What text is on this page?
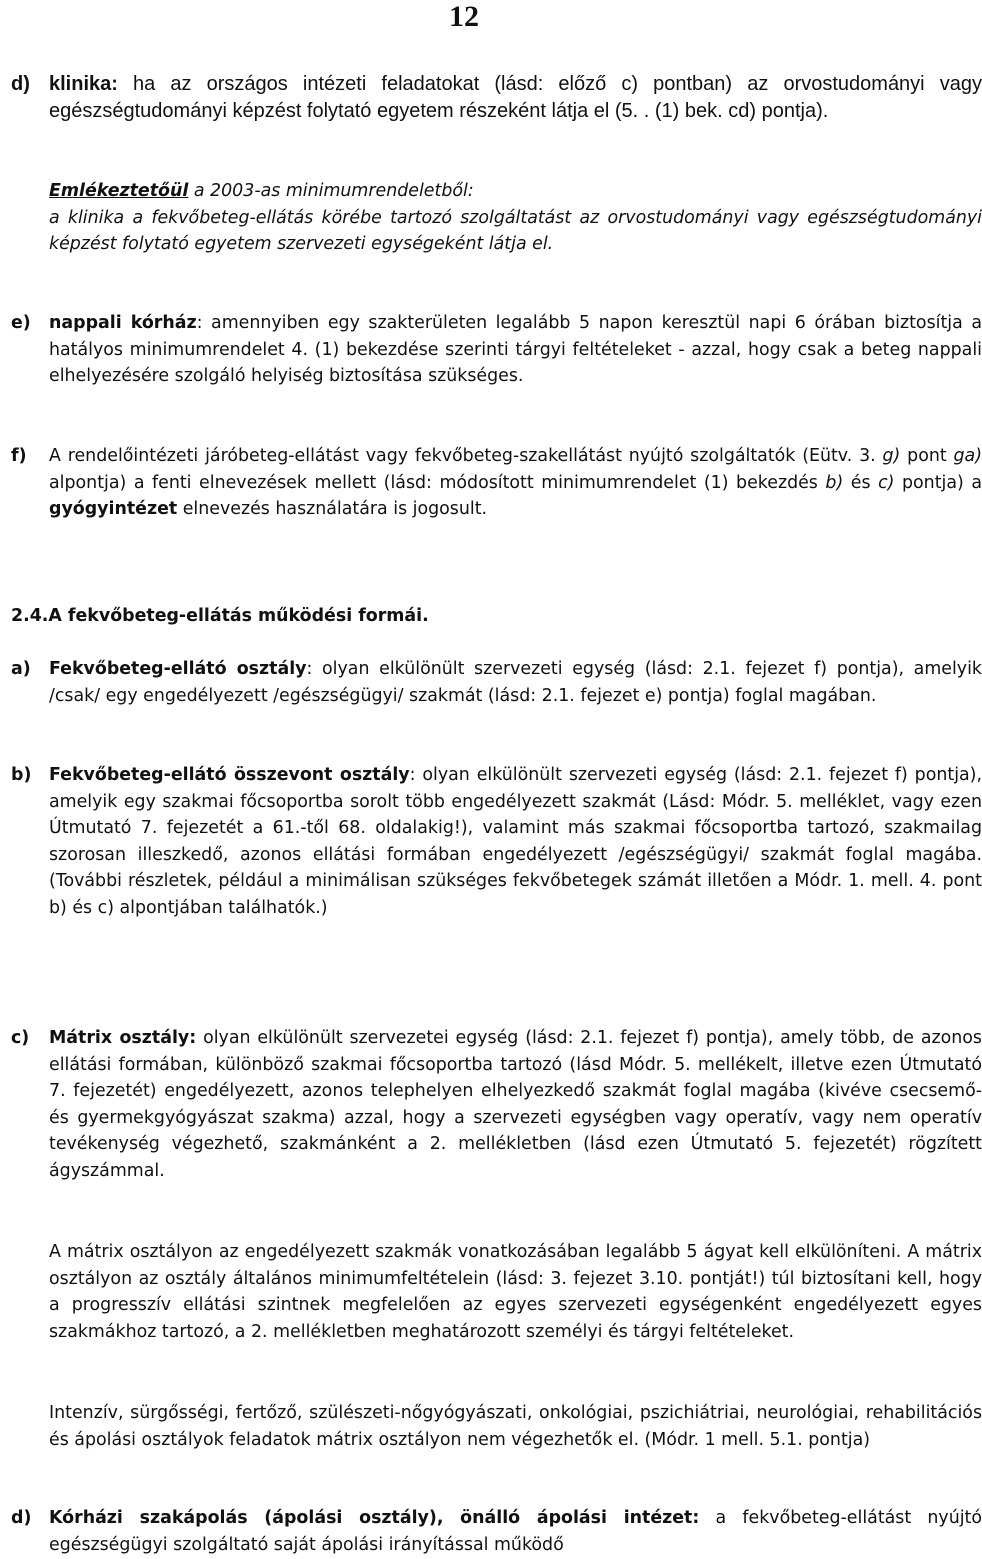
12
d) klinika: ha az országos intézeti feladatokat (lásd: előző c) pontban) az orvostudományi vagy egészségtudományi képzést folytató egyetem részeként látja el (5. . (1) bek. cd) pontja).
Emlékeztetőül a 2003-as minimumrendeletből:
a klinika a fekvőbeteg-ellátás körébe tartozó szolgáltatást az orvostudományi vagy egészségtudományi képzést folytató egyetem szervezeti egységeként látja el.
e) nappali kórház: amennyiben egy szakterületen legalább 5 napon keresztül napi 6 órában biztosítja a hatályos minimumrendelet 4. (1) bekezdése szerinti tárgyi feltételeket - azzal, hogy csak a beteg nappali elhelyezésére szolgáló helyiség biztosítása szükséges.
f) A rendelőintézeti járóbeteg-ellátást vagy fekvőbeteg-szakellátást nyújtó szolgáltatók (Eütv. 3. g) pont ga) alpontja) a fenti elnevezések mellett (lásd: módosított minimumrendelet (1) bekezdés b) és c) pontja) a gyógyintézet elnevezés használatára is jogosult.
2.4.A fekvőbeteg-ellátás működési formái.
a) Fekvőbeteg-ellátó osztály: olyan elkülönült szervezeti egység (lásd: 2.1. fejezet f) pontja), amelyik /csak/ egy engedélyezett /egészségügyi/ szakmát (lásd: 2.1. fejezet e) pontja) foglal magában.
b) Fekvőbeteg-ellátó összevont osztály: olyan elkülönült szervezeti egység (lásd: 2.1. fejezet f) pontja), amelyik egy szakmai főcsoportba sorolt több engedélyezett szakmát (Lásd: Módr. 5. melléklet, vagy ezen Útmutató 7. fejezetét a 61.-től 68. oldalakig!), valamint más szakmai főcsoportba tartozó, szakmailag szorosan illeszkedő, azonos ellátási formában engedélyezett /egészségügyi/ szakmát foglal magába. (További részletek, például a minimálisan szükséges fekvőbetegek számát illetően a Módr. 1. mell. 4. pont b) és c) alpontjában találhatók.)
c) Mátrix osztály: olyan elkülönült szervezetei egység (lásd: 2.1. fejezet f) pontja), amely több, de azonos ellátási formában, különböző szakmai főcsoportba tartozó (lásd Módr. 5. mellékelt, illetve ezen Útmutató 7. fejezetét) engedélyezett, azonos telephelyen elhelyezkedő szakmát foglal magába (kivéve csecsemő- és gyermekgyógyászat szakma) azzal, hogy a szervezeti egységben vagy operatív, vagy nem operatív tevékenység végezhető, szakmánként a 2. mellékletben (lásd ezen Útmutató 5. fejezetét) rögzített ágyszámmal.
A mátrix osztályon az engedélyezett szakmák vonatkozásában legalább 5 ágyat kell elkülöníteni. A mátrix osztályon az osztály általános minimumfeltételein (lásd: 3. fejezet 3.10. pontját!) túl biztosítani kell, hogy a progresszív ellátási szintnek megfelelően az egyes szervezeti egységenként engedélyezett egyes szakmákhoz tartozó, a 2. mellékletben meghatározott személyi és tárgyi feltételeket.
Intenzív, sürgősségi, fertőző, szülészeti-nőgyógyászati, onkológiai, pszichiátriai, neurológiai, rehabilitációs és ápolási osztályok feladatok mátrix osztályon nem végezhetők el. (Módr. 1 mell. 5.1. pontja)
d) Kórházi szakápolás (ápolási osztály), önálló ápolási intézet: a fekvőbeteg-ellátást nyújtó egészségügyi szolgáltató saját ápolási irányítással működő
